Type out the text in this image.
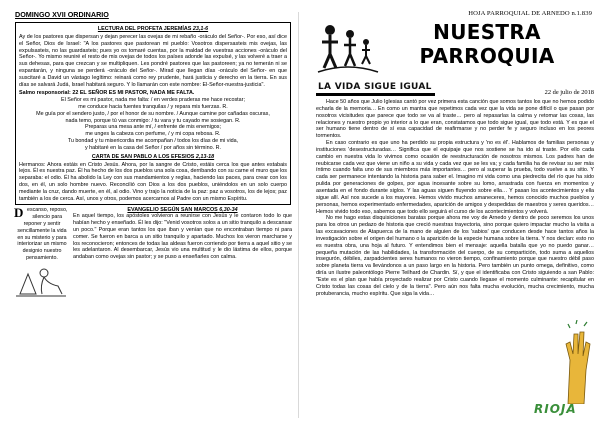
DOMINGO XVII ORDINARIO
LECTURA DEL PROFETA JEREMÍAS 23,1-6

Ay de los pastores que dispersan y dejan perecer las ovejas de mi rebaño -oráculo del Señor-. Por eso, así dice el Señor, Dios de Israel: "A los pastores que pastorean mi pueblo: Vosotros dispersasteis mis ovejas, las expulsasteis, no las guardasteis; pues yo os tomaré cuentas, por la maldad de vuestras acciones -oráculo del Señor-. Yo mismo reuniré el resto de mis ovejas de todos los países adonde las expulsé, y las volveré a traer a sus dehesas, para que crezcan y se multipliquen. Les pondré pastores que las pastoreen; ya no temerán ni se espantarán, y ninguna se perderá -oráculo del Señor-. Mirad que llegan días -oráculo del Señor- en que suscitaré a David un vástago legítimo: reinará como rey prudente, hará justicia y derecho en la tierra. En sus días se salvará Judá, Israel habitará seguro. Y lo llamarán con este nombre: El-Señor-nuestra-justicia".

Salmo responsorial: 22 EL SEÑOR ES MI PASTOR, NADA ME FALTA.

El Señor es mi pastor, nada me falta: / en verdes praderas me hace recostar;
me conduce hacia fuentes tranquilas / y repara mis fuerzas. R.
Me guía por el sendero justo, / por el honor de su nombre. / Aunque camine por cañadas oscuras,
nada temo, porque tú vas conmigo: / tu vara y tu cayado me sosiegan. R.
Preparas una mesa ante mí, / enfrente de mis enemigos;
me unges la cabeza con perfume, / y mi copa rebosa. R.
Tu bondad y tu misericordia me acompañan / todos los días de mi vida,
y habitaré en la casa del Señor / por años sin término. R.
CARTA DE SAN PABLO A LOS EFESIOS 2,13-18

Hermanos: Ahora estáis en Cristo Jesús. Ahora, por la sangre de Cristo, estáis cerca los que antes estabais lejos. Él es nuestra paz. Él ha hecho de los dos pueblos una sola cosa, derribando con su carne el muro que los separaba: el odio. Él ha abolido la Ley con sus mandamientos y reglas, haciendo las paces, para crear con los dos, en él, un solo hombre nuevo. Reconcilió con Dios a los dos pueblos, uniéndolos en un solo cuerpo mediante la cruz, dando muerte, en él, al odio. Vino y trajo la noticia de la paz: paz a vosotros, los de lejos; paz también a los de cerca. Así, unos y otros, podemos acercarnos al Padre con un mismo Espíritu.

D escanso, reposo, silencio para reponer y sentir sencillamente la vida en su misterio y para interiorizar un mismo designio nuestro pensamiento.
EVANGELIO SEGÚN SAN MARCOS 6,30-34

En aquel tiempo, los apóstoles volvieron a reunirse con Jesús y le contaron todo lo que habían hecho y enseñado. Él les dijo: "Venid vosotros solos a un sitio tranquilo a descansar un poco." Porque eran tantos los que iban y venían que no encontraban tiempo ni para comer. Se fueron en barca a un sitio tranquilo y apartado. Muchos los vieron marcharse y los reconocieron; entonces de todas las aldeas fueron corriendo por tierra a aquel sitio y se les adelantaron. Al desembarcar, Jesús vio una multitud y le dio lástima de ellos, porque andaban como ovejas sin pastor; y se puso a enseñarles con calma.

HOJA PARROQUIAL DE ARNEDO n.1.839
NUESTRA
PARROQUIA
LA VIDA SIGUE IGUAL
22 de julio de 2018

Hace 50 años que Julio Iglesias cantó por vez primera esta canción que somos tantos los que no hemos podido echarla de la memoria… En como un mantra que repetimos cada vez que la vida se pone difícil o que pasan por nosotros vicisitudes que parece que todo se va al traste… pero al repasarlas la calma y retomar las cosas, las relaciones y nuestro propio yo interior a lo que eran, constatamos que todo sigue igual, que todo está. Y es que el ser humano tiene dentro de sí esa capacidad de reafirmarse y no perder fe y seguro incluso en los peores tormentos.

En caso contrario es que uno ha perdido su propia estructura y 'no es él'. Hablamos de familias personas y instituciones 'desestructuradas… Significa que el equipaje que nos sostiene se ha ido al traste. Por ello cada cambio en nuestra vida lo vivimos como ocasión de reestructuración de nosotros mismos. Los padres han de reubicarse cada vez que viene un niño a su vida y cada vez que se les va; y cada familia ha de revisar su ser más íntimo cuando falta uno de sus miembros más importantes… pero al superar la prueba, todo vuelve a su sitio. Y cada ser permanece intentando la historia para saber el. Imagino mi vida como una piedrecita del río que ha sido pulida por generaciones de golpes, por agua incesante sobre su lomo, arrastrada con fuerza en momentos y asentada en el fondo durante siglos. Y las aguas siguen fluyendo sobre ella… Y pasan los acontecimientos y ella sigue allí. Así nos sucede a los mayores. Hemos vivido muchos amaneceres, hemos conocido muchos pueblos y personas, hemos experimentado enfermedades, aparición de amigos y despedidas de maestros y seres queridos… Hemos vivido todo eso, sabemos que todo ello seguirá el curso de los acontecimientos y volverá.

No me hago estas disquisiciones baratas porque ahora me voy de Arnedo y dentro de poco seremos los unos para los otros un pedazo de historia que creció nuestras trayectoria, sino porque quiero impactar mucho la visita a las excavaciones de Atapuerca de la mano de alguien de los 'sabios' que conducen desde hace tantos años la investigación sobre el origen del humano o la aparición de la especie humana sobre la tierra. Y nos decían: esto no es nuestra obra, una hoja al futuro. Y entendimos bien el mensaje: aquella batalla que yo no puedo ganar… pequeña mutación de las habilidades, la transformación del cuerpo, de su compartición, todo suma a aquellos insegurón, débiles, zarpadcientes seres humanos no vieron tiempo, confinamiento porque que nuestro débil paso sobre planeta tierra va llevándonos a un paso largo en la historia. Pero también un punto omega, definitivo, como diría un ilustre paleontólogo Pierre Teilhard de Chardin. Sí, y que el identificaba con Cristo siguiendo a san Pablo: "Este es el plan que había proyectado realizar por Cristo cuando llegase el momento culminante: recapitular en Cristo todas las cosas del cielo y de la tierra". Pero aún nos falta mucha evolución, mucha crecimiento, mucha protuberancia, mucho espíritu. Que siga la vida…

RIOJA
